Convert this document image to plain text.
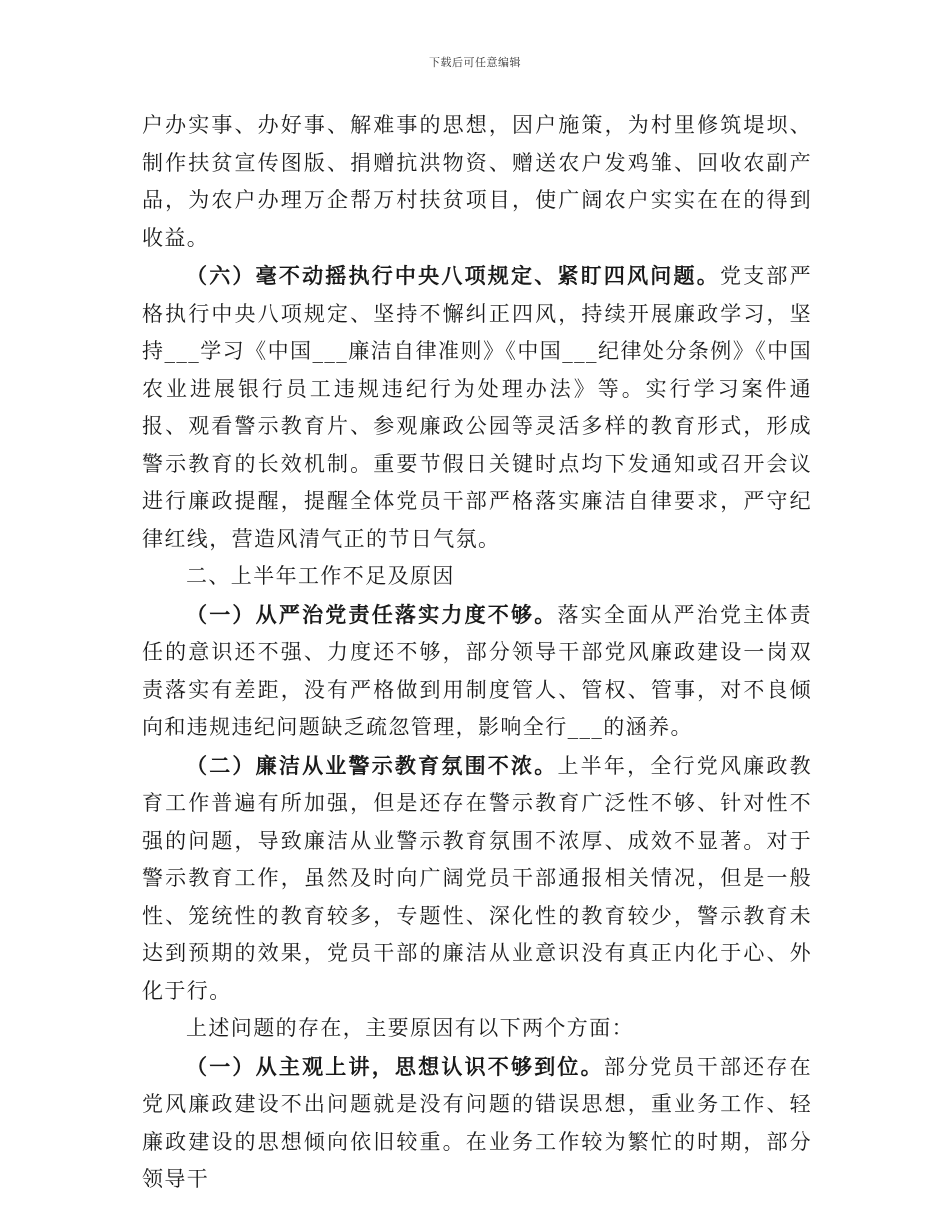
下载后可任意编辑

户办实事、办好事、解难事的思想，因户施策，为村里修筑堤坝、制作扶贫宣传图版、捐赠抗洪物资、赠送农户发鸡雏、回收农副产品，为农户办理万企帮万村扶贫项目，使广阔农户实实在在的得到收益。

（六）毫不动摇执行中央八项规定、紧盯四风问题。党支部严格执行中央八项规定、坚持不懈纠正四风，持续开展廉政学习，坚持___学习《中国___廉洁自律准则》《中国___纪律处分条例》《中国农业进展银行员工违规违纪行为处理办法》等。实行学习案件通报、观看警示教育片、参观廉政公园等灵活多样的教育形式，形成警示教育的长效机制。重要节假日关键时点均下发通知或召开会议进行廉政提醒，提醒全体党员干部严格落实廉洁自律要求，严守纪律红线，营造风清气正的节日气氛。

二、上半年工作不足及原因

（一）从严治党责任落实力度不够。落实全面从严治党主体责任的意识还不强、力度还不够，部分领导干部党风廉政建设一岗双责落实有差距，没有严格做到用制度管人、管权、管事，对不良倾向和违规违纪问题缺乏疏忽管理，影响全行___的涵养。

（二）廉洁从业警示教育氛围不浓。上半年，全行党风廉政教育工作普遍有所加强，但是还存在警示教育广泛性不够、针对性不强的问题，导致廉洁从业警示教育氛围不浓厚、成效不显著。对于警示教育工作，虽然及时向广阔党员干部通报相关情况，但是一般性、笼统性的教育较多，专题性、深化性的教育较少，警示教育未达到预期的效果，党员干部的廉洁从业意识没有真正内化于心、外化于行。

上述问题的存在，主要原因有以下两个方面：

（一）从主观上讲，思想认识不够到位。部分党员干部还存在党风廉政建设不出问题就是没有问题的错误思想，重业务工作、轻廉政建设的思想倾向依旧较重。在业务工作较为繁忙的时期，部分领导干
